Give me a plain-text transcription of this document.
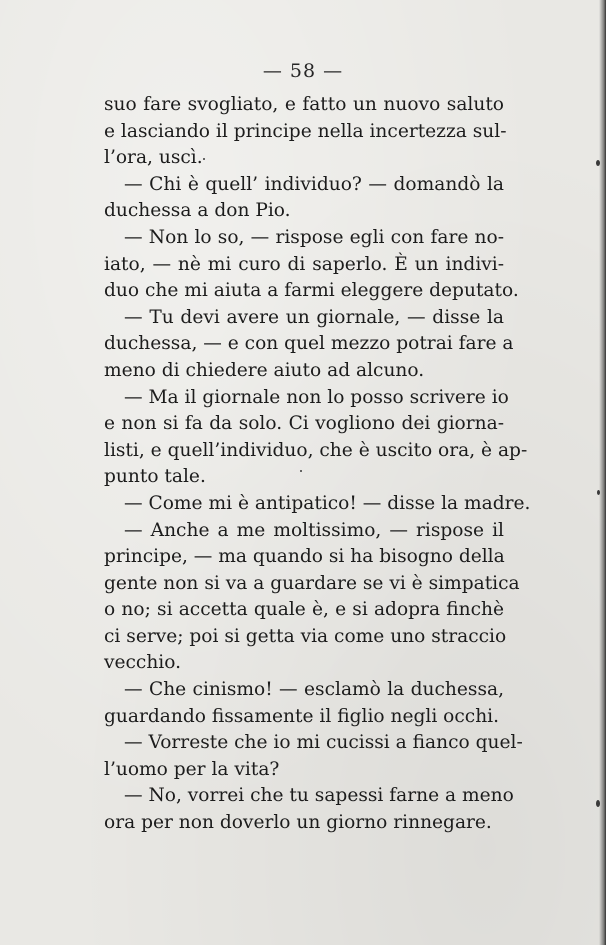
— 58 —
suo fare svogliato, e fatto un nuovo saluto
e lasciando il principe nella incertezza sul-
l’ora, uscì.
— Chi è quell’ individuo? — domandò la
duchessa a don Pio.
— Non lo so, — rispose egli con fare no-
iato, — nè mi curo di saperlo. È un indivi-
duo che mi aiuta a farmi eleggere deputato.
— Tu devi avere un giornale, — disse la
duchessa, — e con quel mezzo potrai fare a
meno di chiedere aiuto ad alcuno.
— Ma il giornale non lo posso scrivere io
e non si fa da solo. Ci vogliono dei giorna-
listi, e quell’individuo, che è uscito ora, è ap-
punto tale.
— Come mi è antipatico! — disse la madre.
— Anche a me moltissimo, — rispose il
principe, — ma quando si ha bisogno della
gente non si va a guardare se vi è simpatica
o no; si accetta quale è, e si adopra finchè
ci serve; poi si getta via come uno straccio
vecchio.
— Che cinismo! — esclamò la duchessa,
guardando fissamente il figlio negli occhi.
— Vorreste che io mi cucissi a fianco quel-
l’uomo per la vita?
— No, vorrei che tu sapessi farne a meno
ora per non doverlo un giorno rinnegare.
